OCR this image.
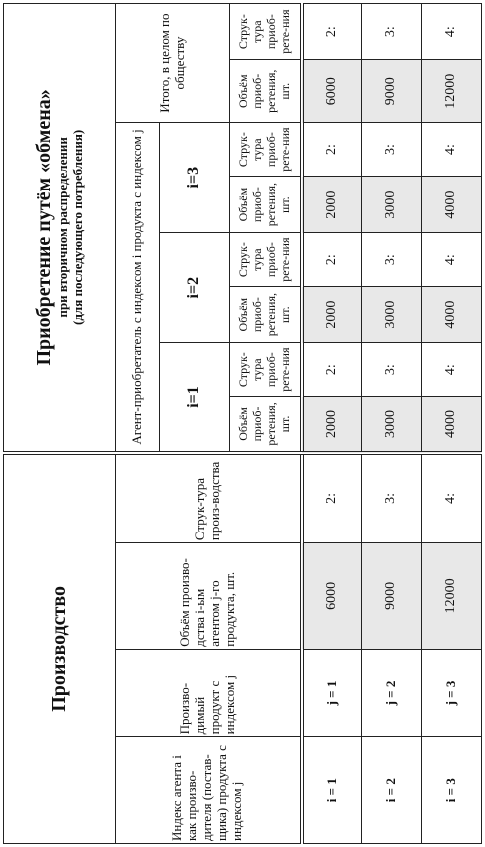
Производство				Приобретение путём «обмена» при вторичном распределении (для последующего потребления)							

Индекс агента i как произво-дителя (постав-щика) продукта с индексом j	Произво-димый продукт с индексом j	Объём произво-дства i-ым агентом j-го продукта, шт.	Струк-тура произ-водства	Агент-приобретатель с индексом i продукта с индексом j						Итого, в целом по обществу	
				i=1		i=2		i=3			
				Объём приоб-ретения, шт.	Струк-тура приоб-рете-ния	Объём приоб-ретения, шт.	Струк-тура приоб-рете-ния	Объём приоб-ретения, шт.	Струк-тура приоб-рете-ния	Объём приоб-ретения, шт.	Струк-тура приоб-рете-ния
i = 1	j = 1	6000	2:	2000	2:	2000	2:	2000	2:	6000	2:
i = 2	j = 2	9000	3:	3000	3:	3000	3:	3000	3:	9000	3:
i = 3	j = 3	12000	4:	4000	4:	4000	4:	4000	4:	12000	4:
